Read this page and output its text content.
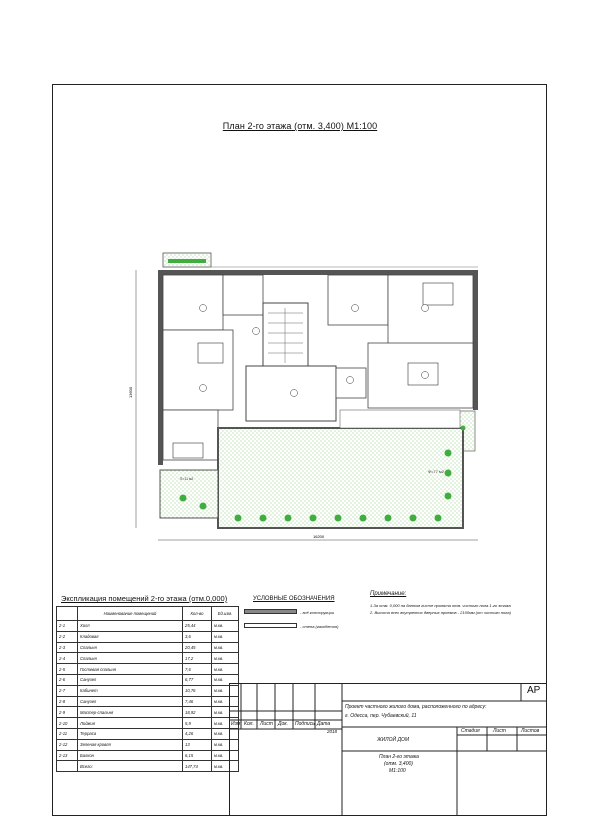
План 2-го этажа (отм. 3,400) М1:100
13600
Ф=77 м2
S=11 м2
16200
Экспликация помещений 2-го этажа (отм.0,000)
	Наименование помещений	Кол-во	Ед.изм.
2-1	Холл	25,44	м.кв.
2-2	Кладовая	3,6	м.кв.
2-3	Спальня	20,45	м.кв.
2-4	Спальня	17,2	м.кв.
2-5	Гостевая спальня	7,6	м.кв.
2-6	Санузел	6,77	м.кв.
2-7	Кабинет	10,76	м.кв.
2-8	Санузел	7,46	м.кв.
2-9	Мастер-спальня	18,92	м.кв.
2-10	Лоджия	5,9	м.кв.
2-11	Терраса	4,26	м.кв.
2-12	Зеленая кровля	13	м.кв.
2-13	Балкон	6,15	м.кв.
	Всего:	147,74	м.кв.
УСЛОВНЫЕ ОБОЗНАЧЕНИЯ
- всё конструкции
- стена (газобетон)
Примечание:
1.За отм. 0,000 на данном листе принята отм. чистого пола 1-го этажа
2. Высота всех внутренних дверных проемов - 2100мм (от чистого пола)
Изм. Кол. Лист Док. Подпись Дата
2018
АР
Проект частного жилого дома, расположенного по адресу:
г. Одесса, пер. Чубаевский, 11
ЖИЛОЙ ДОМ
Стадия	Лист	Листов
План 2-го этажа
(отм. 3,400)
М1:100
